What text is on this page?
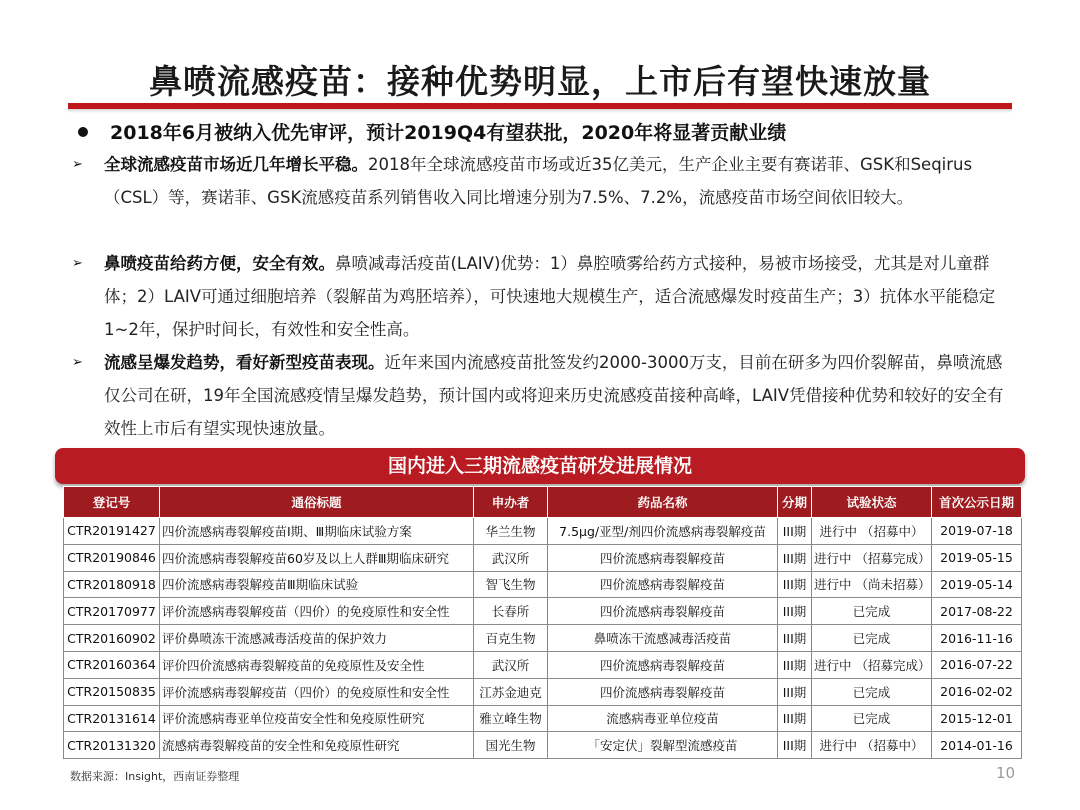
鼻喷流感疫苗：接种优势明显，上市后有望快速放量
2018年6月被纳入优先审评，预计2019Q4有望获批，2020年将显著贡献业绩
➢ 全球流感疫苗市场近几年增长平稳。2018年全球流感疫苗市场或近35亿美元，生产企业主要有赛诺菲、GSK和Seqirus（CSL）等，赛诺菲、GSK流感疫苗系列销售收入同比增速分别为7.5%、7.2%，流感疫苗市场空间依旧较大。
➢ 鼻喷疫苗给药方便，安全有效。鼻喷减毒活疫苗(LAIV)优势：1）鼻腔喷雾给药方式接种，易被市场接受，尤其是对儿童群体；2）LAIV可通过细胞培养（裂解苗为鸡胚培养），可快速地大规模生产，适合流感爆发时疫苗生产；3）抗体水平能稳定1~2年，保护时间长，有效性和安全性高。
➢ 流感呈爆发趋势，看好新型疫苗表现。近年来国内流感疫苗批签发约2000-3000万支，目前在研多为四价裂解苗，鼻喷流感仅公司在研，19年全国流感疫情呈爆发趋势，预计国内或将迎来历史流感疫苗接种高峰，LAIV凭借接种优势和较好的安全有效性上市后有望实现快速放量。
国内进入三期流感疫苗研发进展情况
登记号	通俗标题	申办者	药品名称	分期	试验状态	首次公示日期
CTR20191427	四价流感病毒裂解疫苗Ⅰ期、Ⅲ期临床试验方案	华兰生物	7.5μg/亚型/剂四价流感病毒裂解疫苗	III期	进行中 （招募中）	2019-07-18
CTR20190846	四价流感病毒裂解疫苗60岁及以上人群Ⅲ期临床研究	武汉所	四价流感病毒裂解疫苗	III期	进行中 （招募完成）	2019-05-15
CTR20180918	四价流感病毒裂解疫苗Ⅲ期临床试验	智飞生物	四价流感病毒裂解疫苗	III期	进行中 （尚未招募）	2019-05-14
CTR20170977	评价流感病毒裂解疫苗（四价）的免疫原性和安全性	长春所	四价流感病毒裂解疫苗	III期	已完成	2017-08-22
CTR20160902	评价鼻喷冻干流感减毒活疫苗的保护效力	百克生物	鼻喷冻干流感减毒活疫苗	III期	已完成	2016-11-16
CTR20160364	评价四价流感病毒裂解疫苗的免疫原性及安全性	武汉所	四价流感病毒裂解疫苗	III期	进行中 （招募完成）	2016-07-22
CTR20150835	评价流感病毒裂解疫苗（四价）的免疫原性和安全性	江苏金迪克	四价流感病毒裂解疫苗	III期	已完成	2016-02-02
CTR20131614	评价流感病毒亚单位疫苗安全性和免疫原性研究	雅立峰生物	流感病毒亚单位疫苗	III期	已完成	2015-12-01
CTR20131320	流感病毒裂解疫苗的安全性和免疫原性研究	国光生物	「安定伏」裂解型流感疫苗	III期	进行中 （招募中）	2014-01-16
数据来源：Insight，西南证券整理	10
